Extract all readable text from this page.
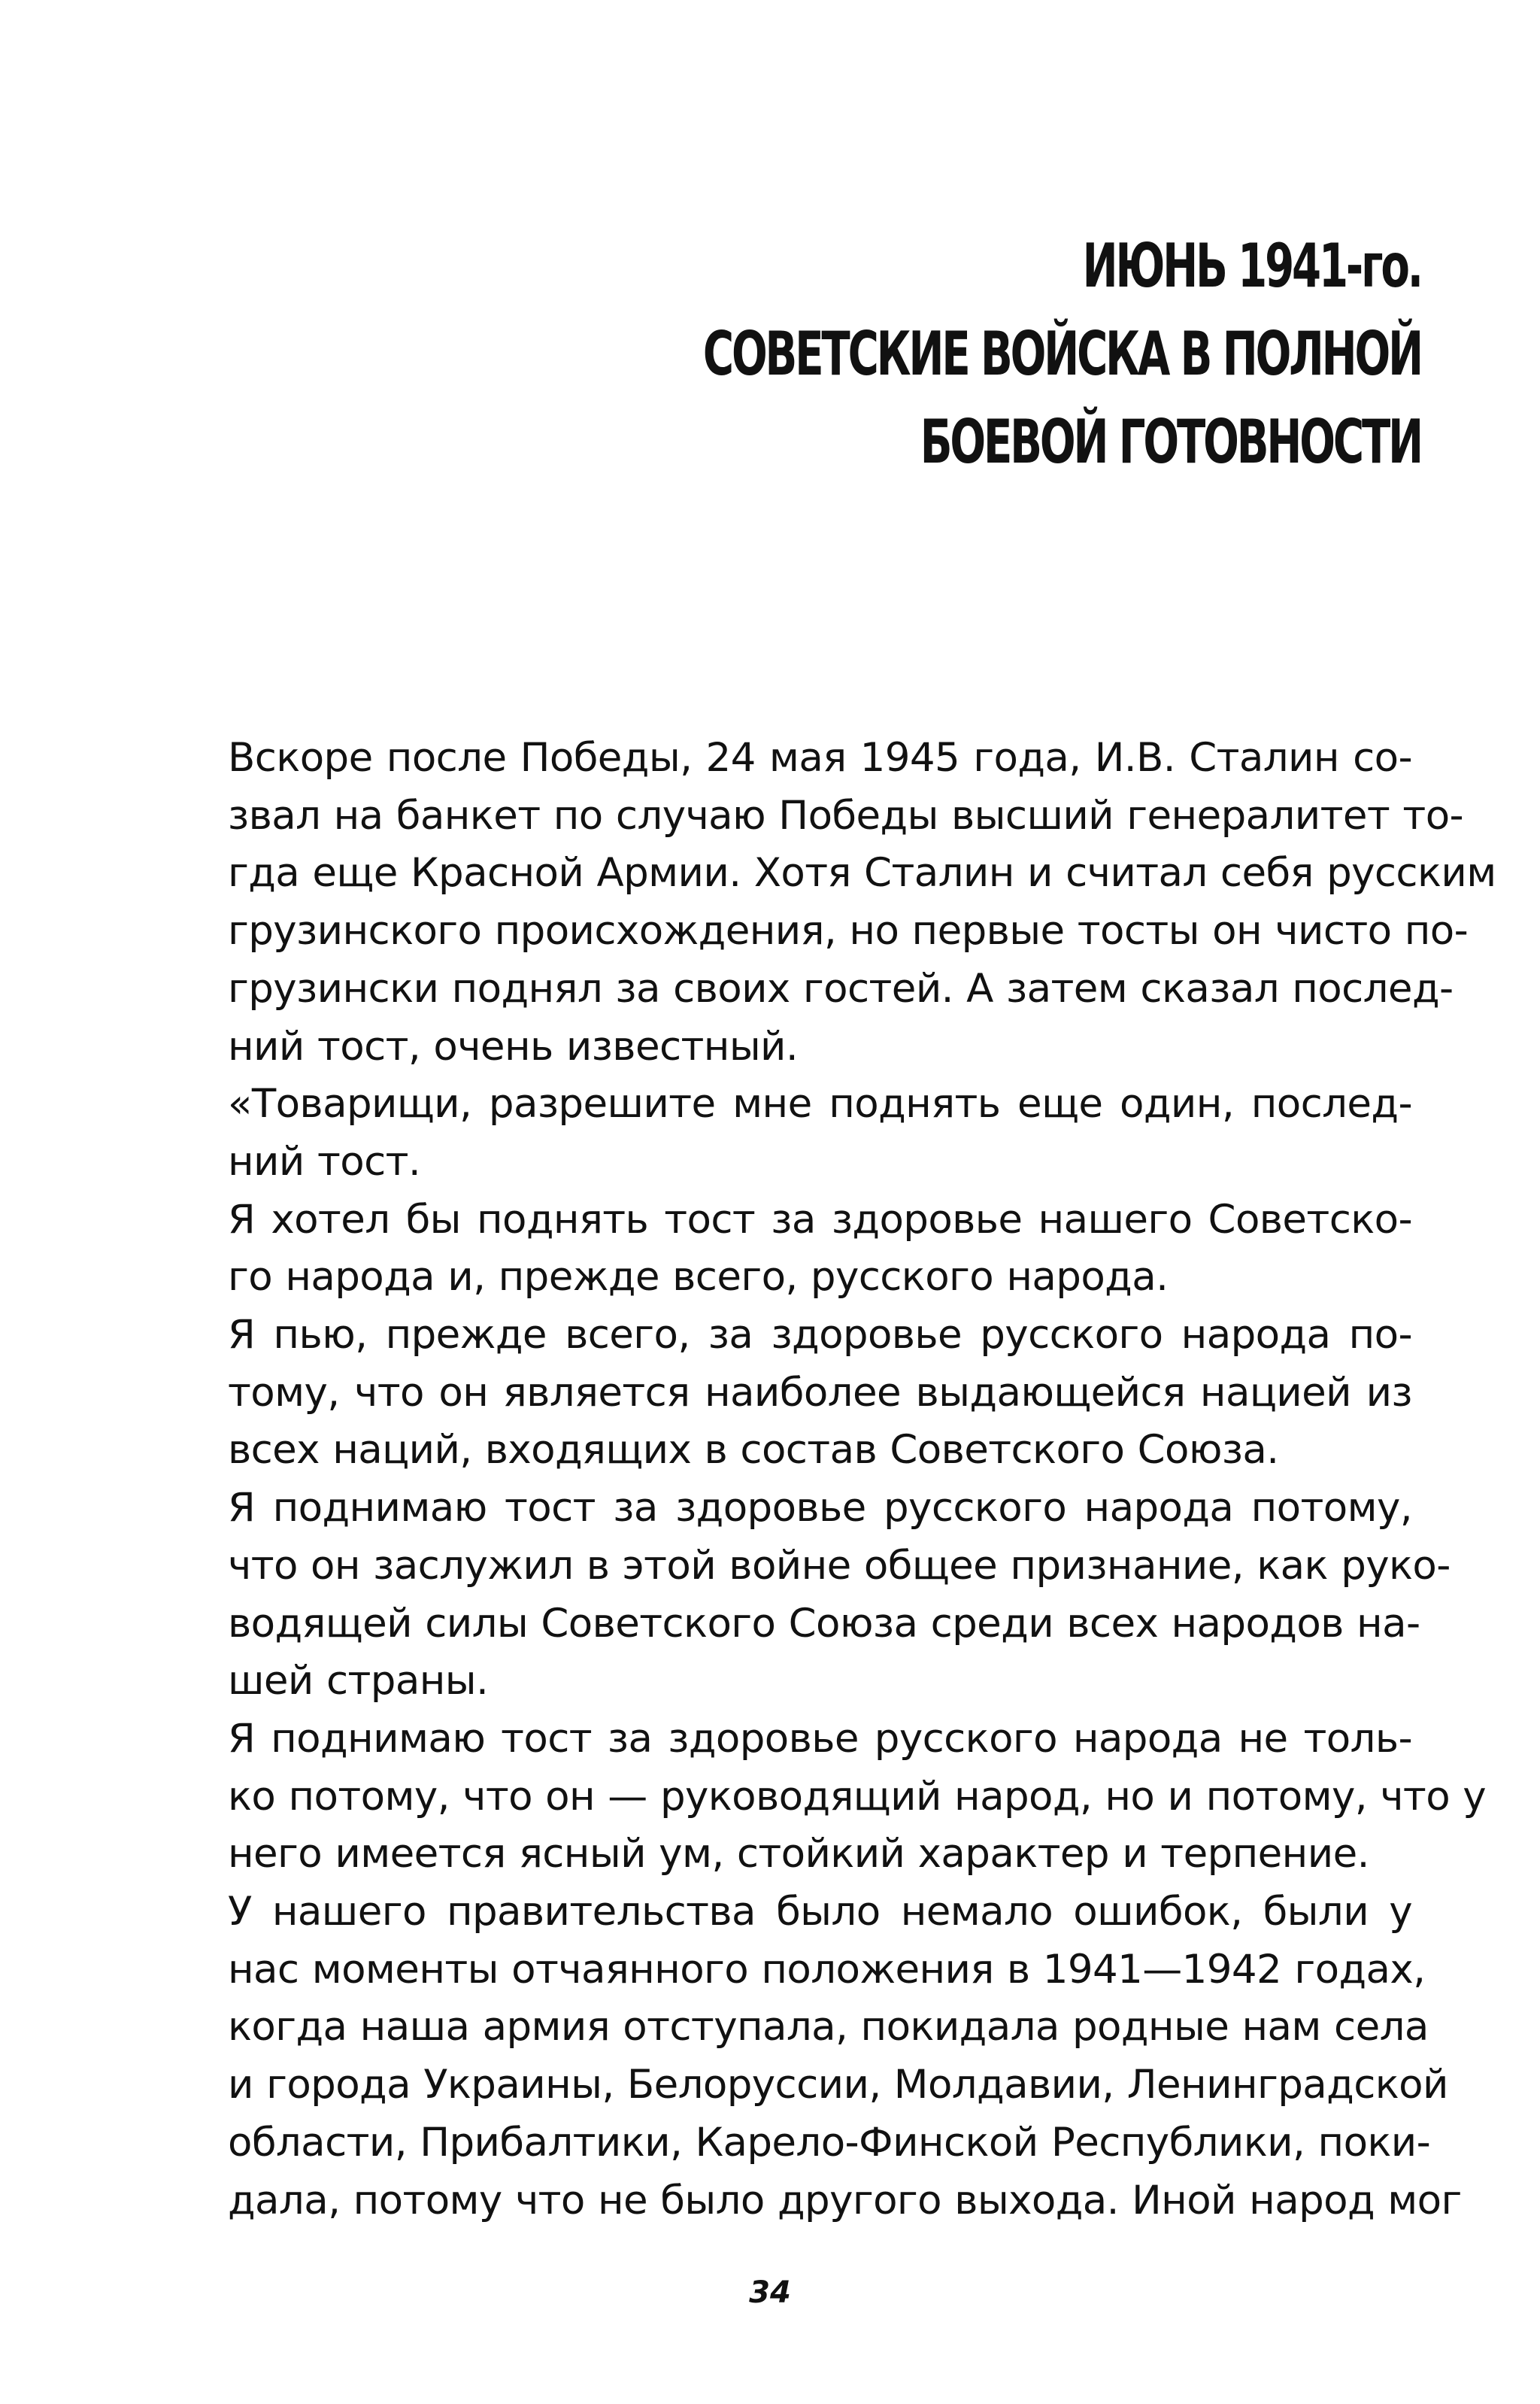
ИЮНЬ 1941-го.
СОВЕТСКИЕ ВОЙСКА В ПОЛНОЙ
БОЕВОЙ ГОТОВНОСТИ

Вскоре после Победы, 24 мая 1945 года, И.В. Сталин со-
звал на банкет по случаю Победы высший генералитет то-
гда еще Красной Армии. Хотя Сталин и считал себя русским
грузинского происхождения, но первые тосты он чисто по-
грузински поднял за своих гостей. А затем сказал послед-
ний тост, очень известный.

«Товарищи, разрешите мне поднять еще один, послед-
ний тост.

Я хотел бы поднять тост за здоровье нашего Советско-
го народа и, прежде всего, русского народа.

Я пью, прежде всего, за здоровье русского народа по-
тому, что он является наиболее выдающейся нацией из
всех наций, входящих в состав Советского Союза.

Я поднимаю тост за здоровье русского народа потому,
что он заслужил в этой войне общее признание, как руко-
водящей силы Советского Союза среди всех народов на-
шей страны.

Я поднимаю тост за здоровье русского народа не толь-
ко потому, что он — руководящий народ, но и потому, что у
него имеется ясный ум, стойкий характер и терпение.

У нашего правительства было немало ошибок, были у
нас моменты отчаянного положения в 1941—1942 годах,
когда наша армия отступала, покидала родные нам села
и города Украины, Белоруссии, Молдавии, Ленинградской
области, Прибалтики, Карело-Финской Республики, поки-
дала, потому что не было другого выхода. Иной народ мог

34
